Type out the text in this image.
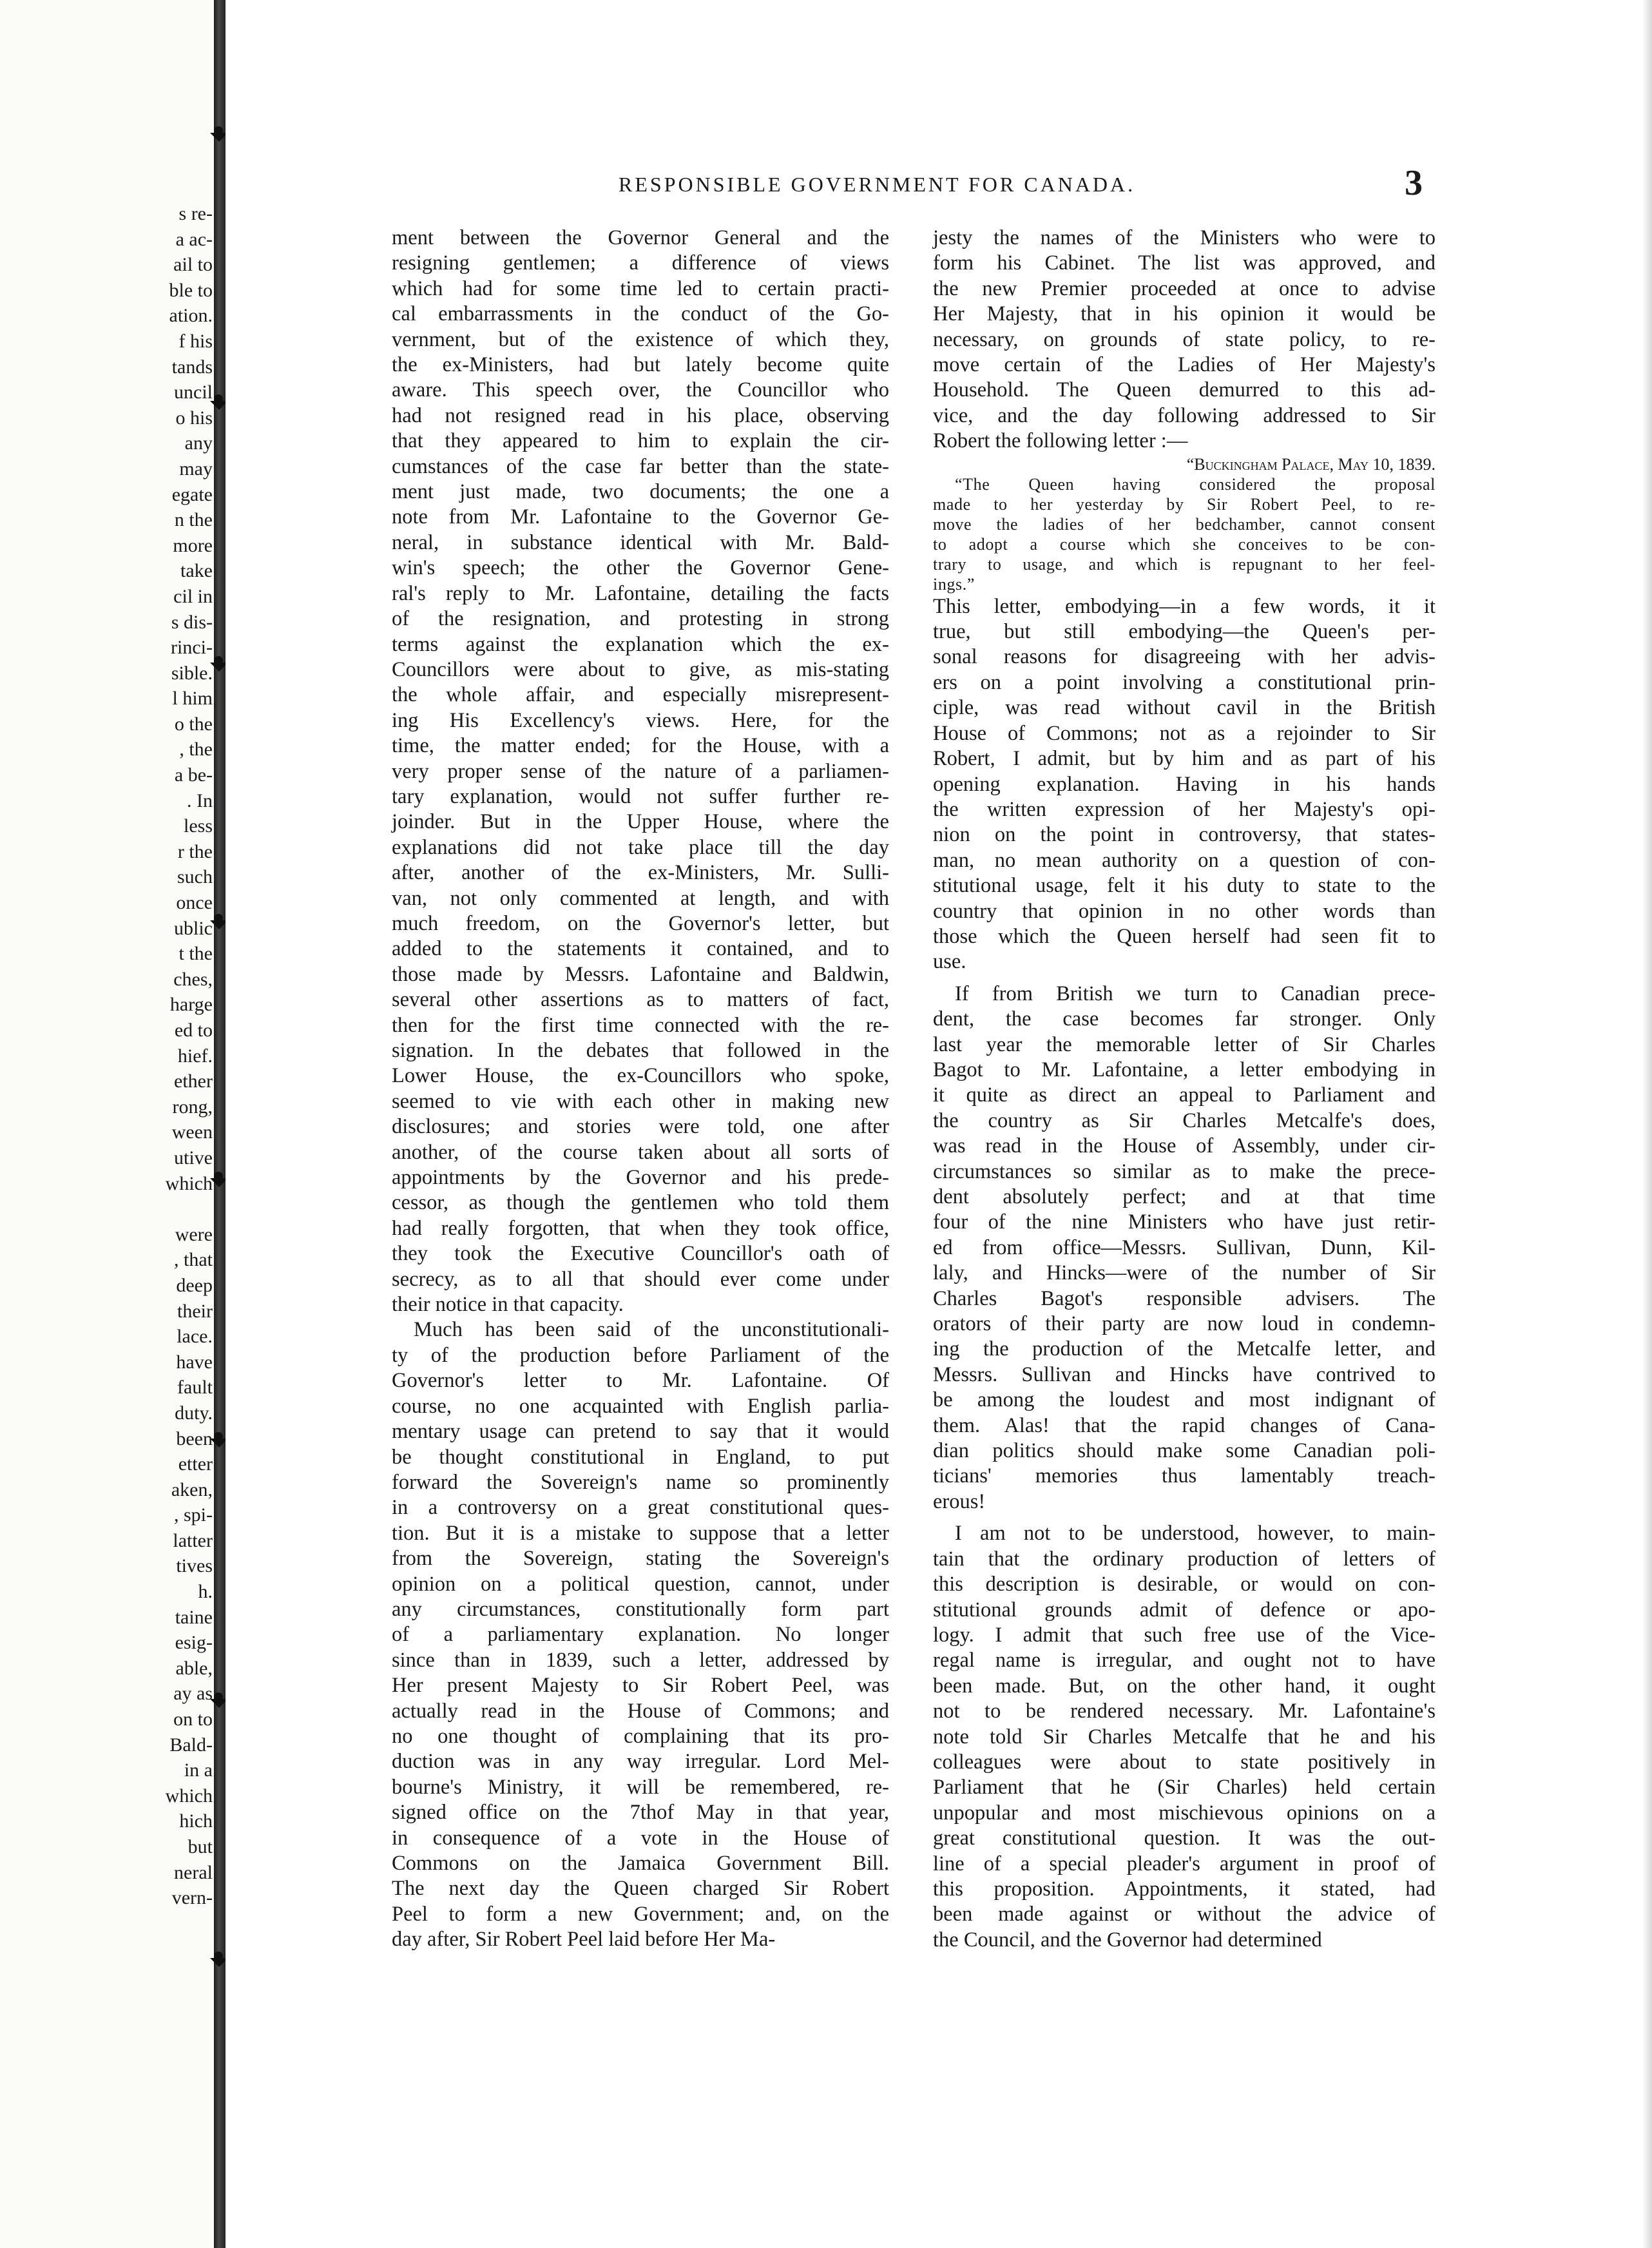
s re-
a ac-
ail to
ble to
ation.
f his
tands
uncil
o his
any
may
egate
n the
more
take
cil in
s dis-
rinci-
sible.
l him
o the
, the
a be-
. In
less
r the
such
once
ublic
t the
ches,
harge
ed to
hief.
ether
rong,
ween
utive
which

were
, that
deep
their
lace.
have
fault
duty.
been
etter
aken,
, spi-
latter
tives
h.
taine
esig-
able,
ay as
on to
Bald-
in a
which
hich
but
neral
vern-
RESPONSIBLE GOVERNMENT FOR CANADA.	3

ment between the Governor General and the
resigning gentlemen; a difference of views
which had for some time led to certain practi-
cal embarrassments in the conduct of the Go-
vernment, but of the existence of which they,
the ex-Ministers, had but lately become quite
aware. This speech over, the Councillor who
had not resigned read in his place, observing
that they appeared to him to explain the cir-
cumstances of the case far better than the state-
ment just made, two documents; the one a
note from Mr. Lafontaine to the Governor Ge-
neral, in substance identical with Mr. Bald-
win's speech; the other the Governor Gene-
ral's reply to Mr. Lafontaine, detailing the facts
of the resignation, and protesting in strong
terms against the explanation which the ex-
Councillors were about to give, as mis-stating
the whole affair, and especially misrepresent-
ing His Excellency's views. Here, for the
time, the matter ended; for the House, with a
very proper sense of the nature of a parliamen-
tary explanation, would not suffer further re-
joinder. But in the Upper House, where the
explanations did not take place till the day
after, another of the ex-Ministers, Mr. Sulli-
van, not only commented at length, and with
much freedom, on the Governor's letter, but
added to the statements it contained, and to
those made by Messrs. Lafontaine and Baldwin,
several other assertions as to matters of fact,
then for the first time connected with the re-
signation. In the debates that followed in the
Lower House, the ex-Councillors who spoke,
seemed to vie with each other in making new
disclosures; and stories were told, one after
another, of the course taken about all sorts of
appointments by the Governor and his prede-
cessor, as though the gentlemen who told them
had really forgotten, that when they took office,
they took the Executive Councillor's oath of
secrecy, as to all that should ever come under
their notice in that capacity.

Much has been said of the unconstitutionali-
ty of the production before Parliament of the
Governor's letter to Mr. Lafontaine. Of
course, no one acquainted with English parlia-
mentary usage can pretend to say that it would
be thought constitutional in England, to put
forward the Sovereign's name so prominently
in a controversy on a great constitutional ques-
tion. But it is a mistake to suppose that a letter
from the Sovereign, stating the Sovereign's
opinion on a political question, cannot, under
any circumstances, constitutionally form part
of a parliamentary explanation. No longer
since than in 1839, such a letter, addressed by
Her present Majesty to Sir Robert Peel, was
actually read in the House of Commons; and
no one thought of complaining that its pro-
duction was in any way irregular. Lord Mel-
bourne's Ministry, it will be remembered, re-
signed office on the 7thof May in that year,
in consequence of a vote in the House of
Commons on the Jamaica Government Bill.
The next day the Queen charged Sir Robert
Peel to form a new Government; and, on the
day after, Sir Robert Peel laid before Her Ma-

jesty the names of the Ministers who were to
form his Cabinet. The list was approved, and
the new Premier proceeded at once to advise
Her Majesty, that in his opinion it would be
necessary, on grounds of state policy, to re-
move certain of the Ladies of Her Majesty's
Household. The Queen demurred to this ad-
vice, and the day following addressed to Sir
Robert the following letter :—

“Buckingham Palace, May 10, 1839.

“The Queen having considered the proposal
made to her yesterday by Sir Robert Peel, to re-
move the ladies of her bedchamber, cannot consent
to adopt a course which she conceives to be con-
trary to usage, and which is repugnant to her feel-
ings.”

This letter, embodying—in a few words, it it
true, but still embodying—the Queen's per-
sonal reasons for disagreeing with her advis-
ers on a point involving a constitutional prin-
ciple, was read without cavil in the British
House of Commons; not as a rejoinder to Sir
Robert, I admit, but by him and as part of his
opening explanation. Having in his hands
the written expression of her Majesty's opi-
nion on the point in controversy, that states-
man, no mean authority on a question of con-
stitutional usage, felt it his duty to state to the
country that opinion in no other words than
those which the Queen herself had seen fit to
use.

If from British we turn to Canadian prece-
dent, the case becomes far stronger. Only
last year the memorable letter of Sir Charles
Bagot to Mr. Lafontaine, a letter embodying in
it quite as direct an appeal to Parliament and
the country as Sir Charles Metcalfe's does,
was read in the House of Assembly, under cir-
circumstances so similar as to make the prece-
dent absolutely perfect; and at that time
four of the nine Ministers who have just retir-
ed from office—Messrs. Sullivan, Dunn, Kil-
laly, and Hincks—were of the number of Sir
Charles Bagot's responsible advisers. The
orators of their party are now loud in condemn-
ing the production of the Metcalfe letter, and
Messrs. Sullivan and Hincks have contrived to
be among the loudest and most indignant of
them. Alas! that the rapid changes of Cana-
dian politics should make some Canadian poli-
ticians' memories thus lamentably treach-
erous!

I am not to be understood, however, to main-
tain that the ordinary production of letters of
this description is desirable, or would on con-
stitutional grounds admit of defence or apo-
logy. I admit that such free use of the Vice-
regal name is irregular, and ought not to have
been made. But, on the other hand, it ought
not to be rendered necessary. Mr. Lafontaine's
note told Sir Charles Metcalfe that he and his
colleagues were about to state positively in
Parliament that he (Sir Charles) held certain
unpopular and most mischievous opinions on a
great constitutional question. It was the out-
line of a special pleader's argument in proof of
this proposition. Appointments, it stated, had
been made against or without the advice of
the Council, and the Governor had determined
